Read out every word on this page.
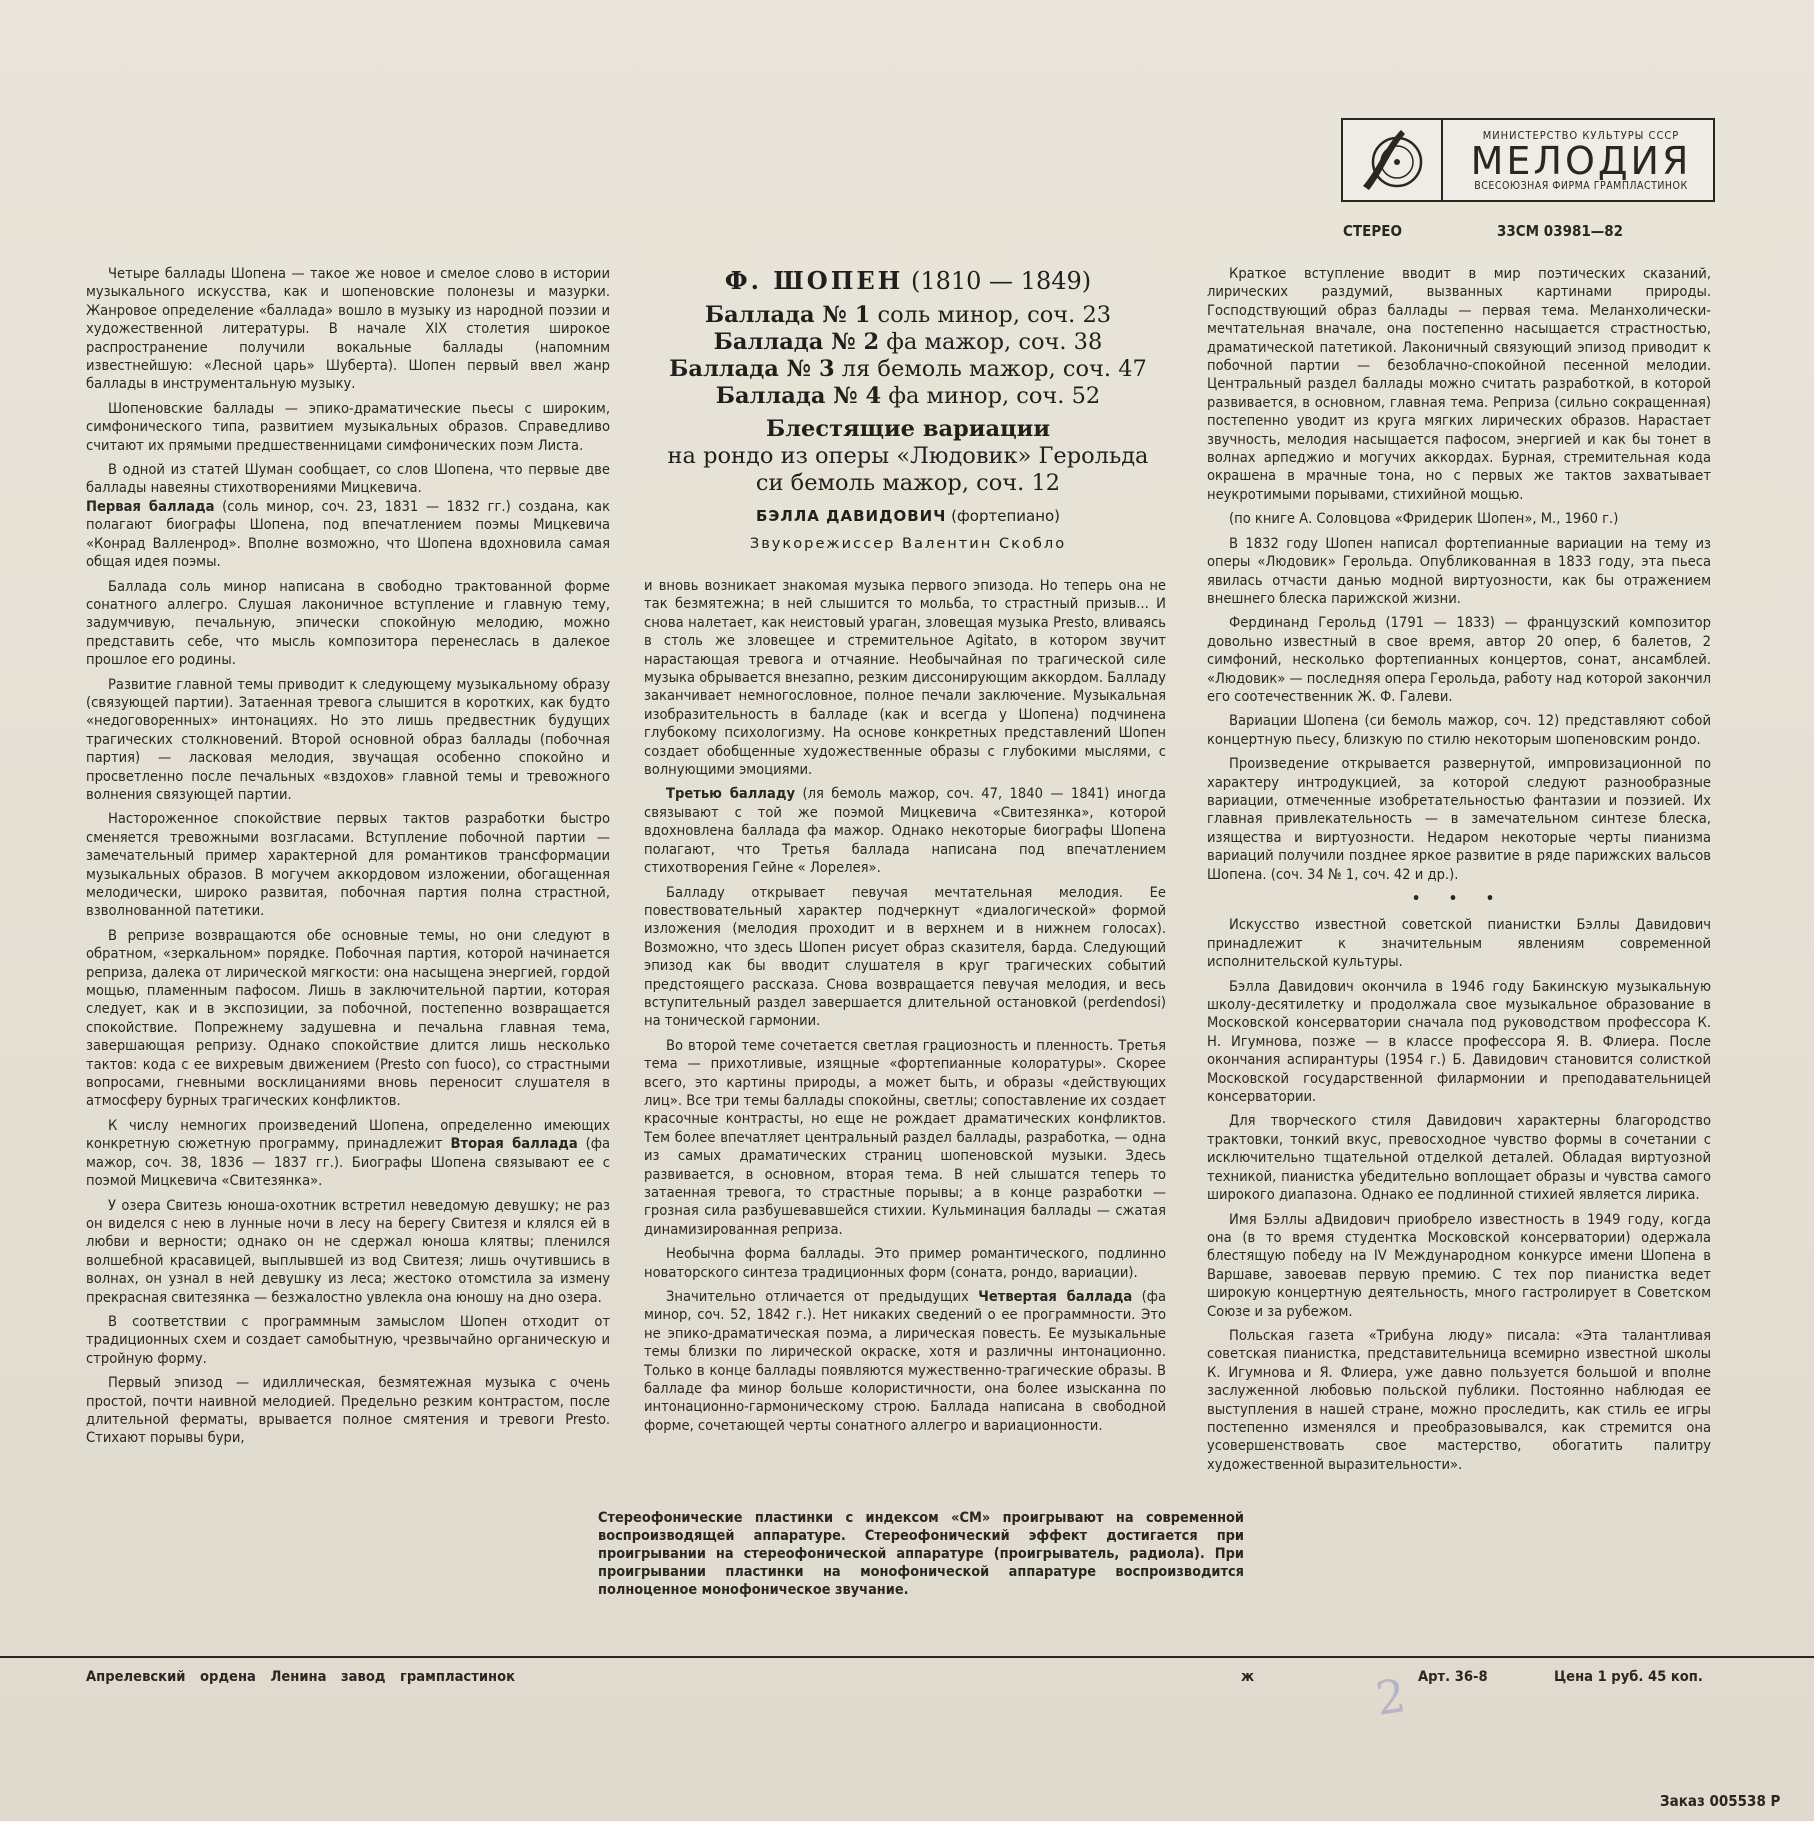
МИНИСТЕРСТВО КУЛЬТУРЫ СССР
МЕЛОДИЯ
ВСЕСОЮЗНАЯ ФИРМА ГРАМПЛАСТИНОК
СТЕРЕО	33СМ 03981—82
Ф. ШОПЕН (1810 — 1849)
Баллада № 1 соль минор, соч. 23
Баллада № 2 фа мажор, соч. 38
Баллада № 3 ля бемоль мажор, соч. 47
Баллада № 4 фа минор, соч. 52
Блестящие вариации
на рондо из оперы «Людовик» Герольда
си бемоль мажор, соч. 12
БЭЛЛА ДАВИДОВИЧ (фортепиано)
Звукорежиссер Валентин Скобло

Четыре баллады Шопена — такое же новое и смелое слово в истории музыкального искусства, как и шопеновские полонезы и мазурки. Жанровое определение «баллада» вошло в музыку из народной поэзии и художественной литературы. В начале XIX столетия широкое распространение получили вокальные баллады (напомним известнейшую: «Лесной царь» Шуберта). Шопен первый ввел жанр баллады в инструментальную музыку.

Шопеновские баллады — эпико-драматические пьесы с широким, симфонического типа, развитием музыкальных образов. Справедливо считают их прямыми предшественницами симфонических поэм Листа.

В одной из статей Шуман сообщает, со слов Шопена, что первые две баллады навеяны стихотворениями Мицкевича.

Первая баллада (соль минор, соч. 23, 1831 — 1832 гг.) создана, как полагают биографы Шопена, под впечатлением поэмы Мицкевича «Конрад Валленрод». Вполне возможно, что Шопена вдохновила самая общая идея поэмы.

Баллада соль минор написана в свободно трактованной форме сонатного аллегро. Слушая лаконичное вступление и главную тему, задумчивую, печальную, эпически спокойную мелодию, можно представить себе, что мысль композитора перенеслась в далекое прошлое его родины.

Развитие главной темы приводит к следующему музыкальному образу (связующей партии). Затаенная тревога слышится в коротких, как будто «недоговоренных» интонациях. Но это лишь предвестник будущих трагических столкновений. Второй основной образ баллады (побочная партия) — ласковая мелодия, звучащая особенно спокойно и просветленно после печальных «вздохов» главной темы и тревожного волнения связующей партии.

Настороженное спокойствие первых тактов разработки быстро сменяется тревожными возгласами. Вступление побочной партии — замечательный пример характерной для романтиков трансформации музыкальных образов. В могучем аккордовом изложении, обогащенная мелодически, широко развитая, побочная партия полна страстной, взволнованной патетики.

В репризе возвращаются обе основные темы, но они следуют в обратном, «зеркальном» порядке. Побочная партия, которой начинается реприза, далека от лирической мягкости: она насыщена энергией, гордой мощью, пламенным пафосом. Лишь в заключительной партии, которая следует, как и в экспозиции, за побочной, постепенно возвращается спокойствие. Попрежнему задушевна и печальна главная тема, завершающая репризу. Однако спокойствие длится лишь несколько тактов: кода с ее вихревым движением (Presto con fuoco), со страстными вопросами, гневными восклицаниями вновь переносит слушателя в атмосферу бурных трагических конфликтов.

К числу немногих произведений Шопена, определенно имеющих конкретную сюжетную программу, принадлежит Вторая баллада (фа мажор, соч. 38, 1836 — 1837 гг.). Биографы Шопена связывают ее с поэмой Мицкевича «Свитезянка».

У озера Свитезь юноша-охотник встретил неведомую девушку; не раз он виделся с нею в лунные ночи в лесу на берегу Свитезя и клялся ей в любви и верности; однако он не сдержал юноша клятвы; пленился волшебной красавицей, выплывшей из вод Свитезя; лишь очутившись в волнах, он узнал в ней девушку из леса; жестоко отомстила за измену прекрасная свитезянка — безжалостно увлекла она юношу на дно озера.

В соответствии с программным замыслом Шопен отходит от традиционных схем и создает самобытную, чрезвычайно органическую и стройную форму.

Первый эпизод — идиллическая, безмятежная музыка с очень простой, почти наивной мелодией. Предельно резким контрастом, после длительной ферматы, врывается полное смятения и тревоги Presto. Стихают порывы бури,

и вновь возникает знакомая музыка первого эпизода. Но теперь она не так безмятежна; в ней слышится то мольба, то страстный призыв... И снова налетает, как неистовый ураган, зловещая музыка Presto, вливаясь в столь же зловещее и стремительное Agitato, в котором звучит нарастающая тревога и отчаяние. Необычайная по трагической силе музыка обрывается внезапно, резким диссонирующим аккордом. Балладу заканчивает немногословное, полное печали заключение. Музыкальная изобразительность в балладе (как и всегда у Шопена) подчинена глубокому психологизму. На основе конкретных представлений Шопен создает обобщенные художественные образы с глубокими мыслями, с волнующими эмоциями.

Третью балладу (ля бемоль мажор, соч. 47, 1840 — 1841) иногда связывают с той же поэмой Мицкевича «Свитезянка», которой вдохновлена баллада фа мажор. Однако некоторые биографы Шопена полагают, что Третья баллада написана под впечатлением стихотворения Гейне « Лорелея».

Балладу открывает певучая мечтательная мелодия. Ее повествовательный характер подчеркнут «диалогической» формой изложения (мелодия проходит и в верхнем и в нижнем голосах). Возможно, что здесь Шопен рисует образ сказителя, барда. Следующий эпизод как бы вводит слушателя в круг трагических событий предстоящего рассказа. Снова возвращается певучая мелодия, и весь вступительный раздел завершается длительной остановкой (perdendosi) на тонической гармонии.

Во второй теме сочетается светлая грациозность и пленность. Третья тема — прихотливые, изящные «фортепианные колоратуры». Скорее всего, это картины природы, а может быть, и образы «действующих лиц». Все три темы баллады спокойны, светлы; сопоставление их создает красочные контрасты, но еще не рождает драматических конфликтов. Тем более впечатляет центральный раздел баллады, разработка, — одна из самых драматических страниц шопеновской музыки. Здесь развивается, в основном, вторая тема. В ней слышатся теперь то затаенная тревога, то страстные порывы; а в конце разработки — грозная сила разбушевавшейся стихии. Кульминация баллады — сжатая динамизированная реприза.

Необычна форма баллады. Это пример романтического, подлинно новаторского синтеза традиционных форм (соната, рондо, вариации).

Значительно отличается от предыдущих Четвертая баллада (фа минор, соч. 52, 1842 г.). Нет никаких сведений о ее программности. Это не эпико-драматическая поэма, а лирическая повесть. Ее музыкальные темы близки по лирической окраске, хотя и различны интонационно. Только в конце баллады появляются мужественно-трагические образы. В балладе фа минор больше колористичности, она более изысканна по интонационно-гармоническому строю. Баллада написана в свободной форме, сочетающей черты сонатного аллегро и вариационности.

Краткое вступление вводит в мир поэтических сказаний, лирических раздумий, вызванных картинами природы. Господствующий образ баллады — первая тема. Меланхолически-мечтательная вначале, она постепенно насыщается страстностью, драматической патетикой. Лаконичный связующий эпизод приводит к побочной партии — безоблачно-спокойной песенной мелодии. Центральный раздел баллады можно считать разработкой, в которой развивается, в основном, главная тема. Реприза (сильно сокращенная) постепенно уводит из круга мягких лирических образов. Нарастает звучность, мелодия насыщается пафосом, энергией и как бы тонет в волнах арпеджио и могучих аккордах. Бурная, стремительная кода окрашена в мрачные тона, но с первых же тактов захватывает неукротимыми порывами, стихийной мощью.

(по книге А. Соловцова «Фридерик Шопен», М., 1960 г.)

В 1832 году Шопен написал фортепианные вариации на тему из оперы «Людовик» Герольда. Опубликованная в 1833 году, эта пьеса явилась отчасти данью модной виртуозности, как бы отражением внешнего блеска парижской жизни.

Фердинанд Герольд (1791 — 1833) — французский композитор довольно известный в свое время, автор 20 опер, 6 балетов, 2 симфоний, несколько фортепианных концертов, сонат, ансамблей. «Людовик» — последняя опера Герольда, работу над которой закончил его соотечественник Ж. Ф. Галеви.

Вариации Шопена (си бемоль мажор, соч. 12) представляют собой концертную пьесу, близкую по стилю некоторым шопеновским рондо.

Произведение открывается развернутой, импровизационной по характеру интродукцией, за которой следуют разнообразные вариации, отмеченные изобретательностью фантазии и поэзией. Их главная привлекательность — в замечательном синтезе блеска, изящества и виртуозности. Недаром некоторые черты пианизма вариаций получили позднее яркое развитие в ряде парижских вальсов Шопена. (соч. 34 № 1, соч. 42 и др.).

• • •

Искусство известной советской пианистки Бэллы Давидович принадлежит к значительным явлениям современной исполнительской культуры.

Бэлла Давидович окончила в 1946 году Бакинскую музыкальную школу-десятилетку и продолжала свое музыкальное образование в Московской консерватории сначала под руководством профессора К. Н. Игумнова, позже — в классе профессора Я. В. Флиера. После окончания аспирантуры (1954 г.) Б. Давидович становится солисткой Московской государственной филармонии и преподавательницей консерватории.

Для творческого стиля Давидович характерны благородство трактовки, тонкий вкус, превосходное чувство формы в сочетании с исключительно тщательной отделкой деталей. Обладая виртуозной техникой, пианистка убедительно воплощает образы и чувства самого широкого диапазона. Однако ее подлинной стихией является лирика.

Имя Бэллы аДвидович приобрело известность в 1949 году, когда она (в то время студентка Московской консерватории) одержала блестящую победу на IV Международном конкурсе имени Шопена в Варшаве, завоевав первую премию. С тех пор пианистка ведет широкую концертную деятельность, много гастролирует в Советском Союзе и за рубежом.

Польская газета «Трибуна люду» писала: «Эта талантливая советская пианистка, представительница всемирно известной школы К. Игумнова и Я. Флиера, уже давно пользуется большой и вполне заслуженной любовью польской публики. Постоянно наблюдая ее выступления в нашей стране, можно проследить, как стиль ее игры постепенно изменялся и преобразовывался, как стремится она усовершенствовать свое мастерство, обогатить палитру художественной выразительности».

Стереофонические пластинки с индексом «СМ» проигрывают на современной воспроизводящей аппаратуре. Стереофонический эффект достигается при проигрывании на стереофонической аппаратуре (проигрыватель, радиола). При проигрывании пластинки на монофонической аппаратуре воспроизводится полноценное монофоническое звучание.
Апрелевский ордена Ленина завод грампластинок	ж	2 Арт. 36-8	Цена 1 руб. 45 коп.
Заказ 005538 Р
